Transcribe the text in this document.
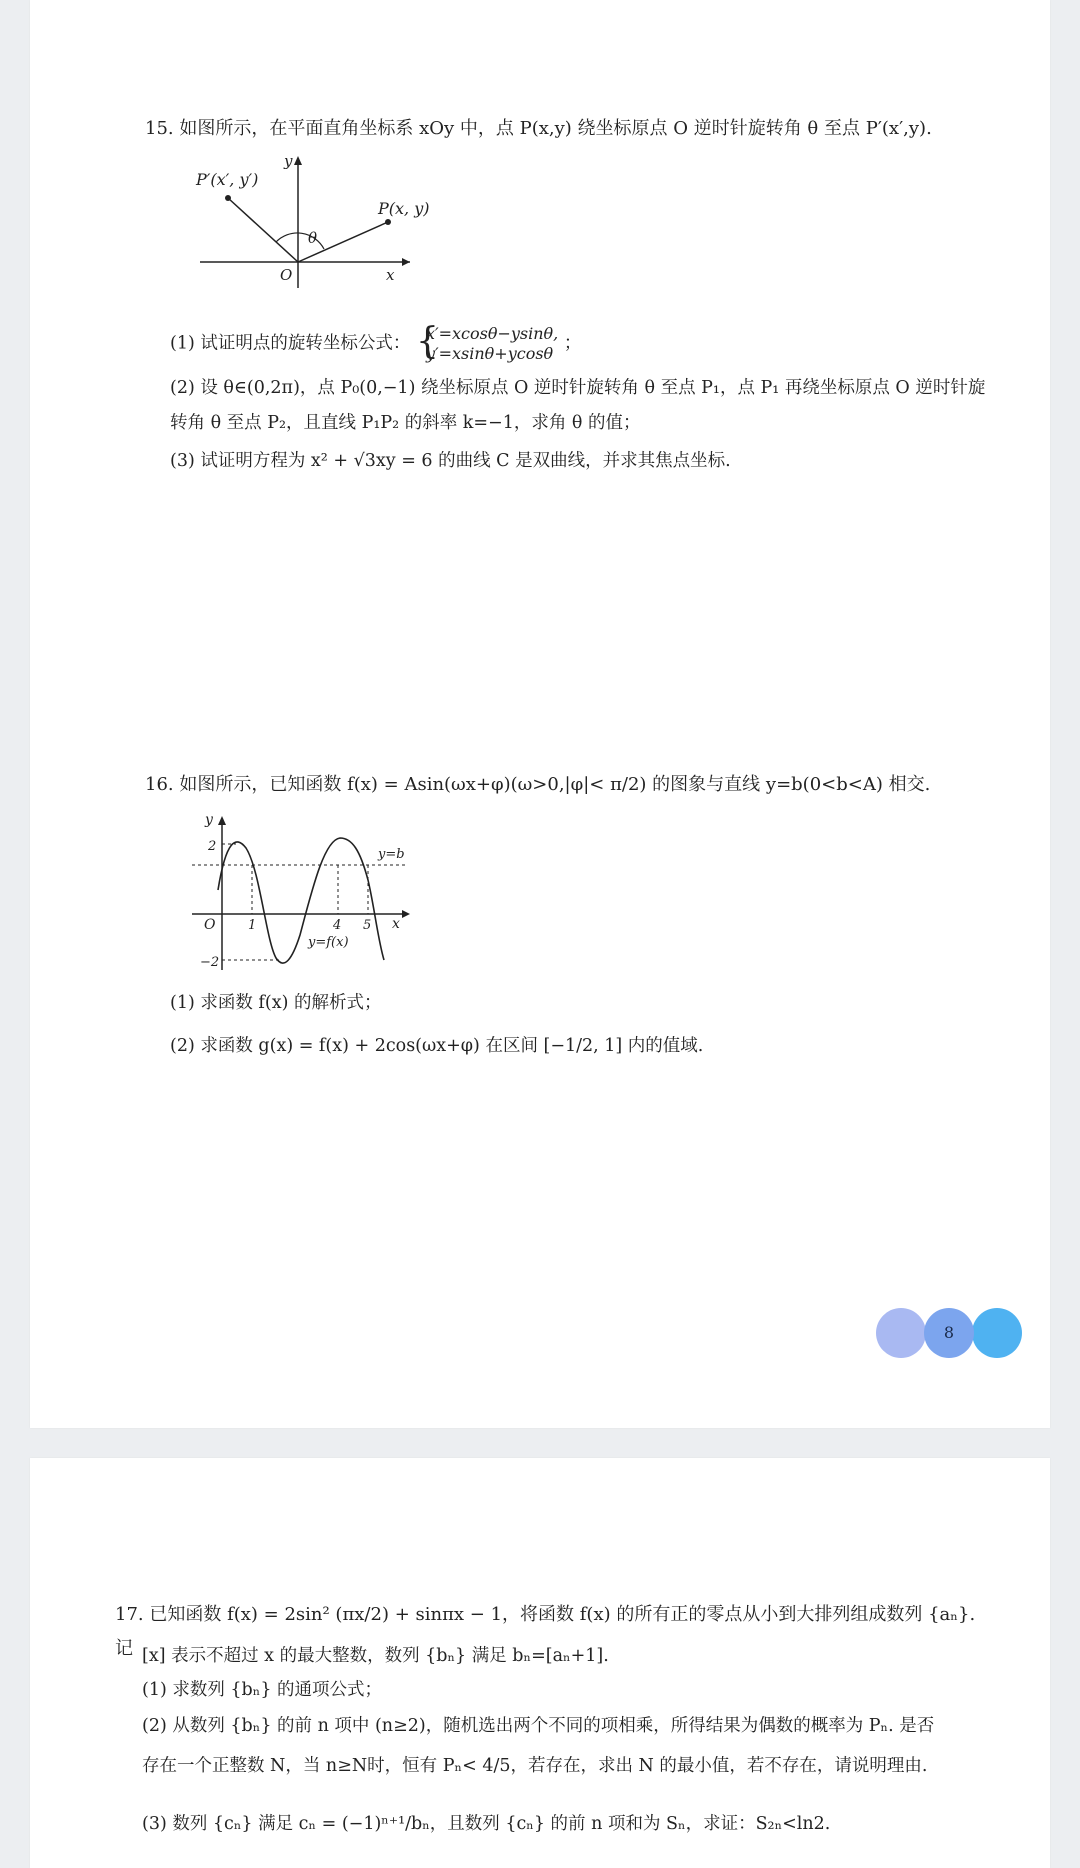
15. 如图所示，在平面直角坐标系 xOy 中，点 P(x,y) 绕坐标原点 O 逆时针旋转角 θ 至点 P′(x′,y).
P′(x′, y′)
P(x, y)
θ
O	x
y
(1) 试证明点的旋转坐标公式： {
x′=xcosθ−ysinθ,
y′=xsinθ+ycosθ ；
(2) 设 θ∈(0,2π)，点 P₀(0,−1) 绕坐标原点 O 逆时针旋转角 θ 至点 P₁，点 P₁ 再绕坐标原点 O 逆时针旋
转角 θ 至点 P₂，且直线 P₁P₂ 的斜率 k=−1，求角 θ 的值；
(3) 试证明方程为 x² + √3xy = 6 的曲线 C 是双曲线，并求其焦点坐标.
16. 如图所示，已知函数 f(x) = Asin(ωx+φ)(ω>0,|φ|< π/2) 的图象与直线 y=b(0<b<A) 相交.
y
x
O
2
−2
1	4 5
y=b
y=f(x)
(1) 求函数 f(x) 的解析式；
(2) 求函数 g(x) = f(x) + 2cos(ωx+φ) 在区间 [−1/2, 1] 内的值域.
8
17. 已知函数 f(x) = 2sin² (πx/2) + sinπx − 1，将函数 f(x) 的所有正的零点从小到大排列组成数列 {aₙ}. 记 [x] 表示不超过 x 的最大整数，数列 {bₙ} 满足 bₙ=[aₙ+1].
(1) 求数列 {bₙ} 的通项公式；
(2) 从数列 {bₙ} 的前 n 项中 (n≥2)，随机选出两个不同的项相乘，所得结果为偶数的概率为 Pₙ. 是否
存在一个正整数 N，当 n≥N时，恒有 Pₙ< 4/5，若存在，求出 N 的最小值，若不存在，请说明理由.
(3) 数列 {cₙ} 满足 cₙ = (−1)ⁿ⁺¹/bₙ，且数列 {cₙ} 的前 n 项和为 Sₙ，求证：S₂ₙ<ln2.
